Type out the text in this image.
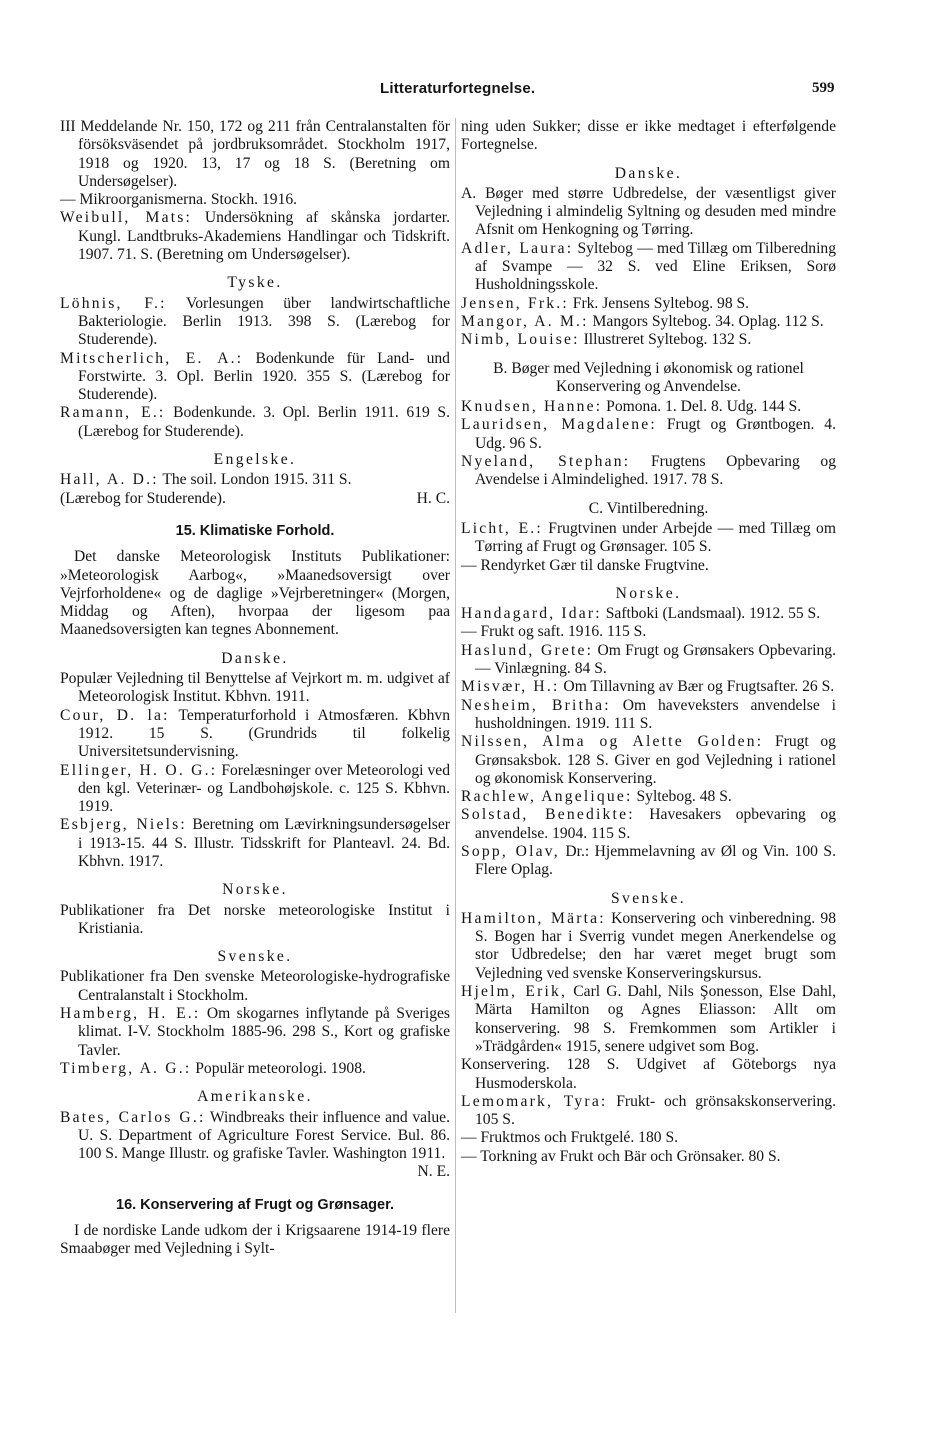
Litteraturfortegnelse.	599

III Meddelande Nr. 150, 172 og 211 från Centralanstalten för försöksväsendet på jordbruksområdet. Stockholm 1917, 1918 og 1920. 13, 17 og 18 S. (Beretning om Undersøgelser).

— Mikroorganismerna. Stockh. 1916.

Weibull, Mats: Undersökning af skånska jordarter. Kungl. Landtbruks-Akademiens Handlingar och Tidskrift. 1907. 71. S. (Beretning om Undersøgelser).

Tyske.

Löhnis, F.: Vorlesungen über landwirtschaftliche Bakteriologie. Berlin 1913. 398 S. (Lærebog for Studerende).

Mitscherlich, E. A.: Bodenkunde für Land- und Forstwirte. 3. Opl. Berlin 1920. 355 S. (Lærebog for Studerende).

Ramann, E.: Bodenkunde. 3. Opl. Berlin 1911. 619 S. (Lærebog for Studerende).

Engelske.

Hall, A. D.: The soil. London 1915. 311 S.

(Lærebog for Studerende).	H. C.
15. Klimatiske Forhold.

Det danske Meteorologisk Instituts Publikationer: »Meteorologisk Aarbog«, »Maanedsoversigt over Vejrforholdene« og de daglige »Vejrberetninger« (Morgen, Middag og Aften), hvorpaa der ligesom paa Maanedsoversigten kan tegnes Abonnement.

Danske.

Populær Vejledning til Benyttelse af Vejrkort m. m. udgivet af Meteorologisk Institut. Kbhvn. 1911.

Cour, D. la: Temperaturforhold i Atmosfæren. Kbhvn 1912. 15 S. (Grundrids til folkelig Universitetsundervisning.

Ellinger, H. O. G.: Forelæsninger over Meteorologi ved den kgl. Veterinær- og Landbohøjskole. c. 125 S. Kbhvn. 1919.

Esbjerg, Niels: Beretning om Lævirkningsundersøgelser i 1913-15. 44 S. Illustr. Tidsskrift for Planteavl. 24. Bd. Kbhvn. 1917.

Norske.

Publikationer fra Det norske meteorologiske Institut i Kristiania.

Svenske.

Publikationer fra Den svenske Meteorologiske-hydrografiske Centralanstalt i Stockholm.

Hamberg, H. E.: Om skogarnes inflytande på Sveriges klimat. I-V. Stockholm 1885-96. 298 S., Kort og grafiske Tavler.

Timberg, A. G.: Populär meteorologi. 1908.

Amerikanske.

Bates, Carlos G.: Windbreaks their influence and value. U. S. Department of Agriculture Forest Service. Bul. 86. 100 S. Mange Illustr. og grafiske Tavler. Washington 1911.

N. E.
16. Konservering af Frugt og Grønsager.

I de nordiske Lande udkom der i Krigsaarene 1914-19 flere Smaabøger med Vejledning i Sylt-

ning uden Sukker; disse er ikke medtaget i efterfølgende Fortegnelse.

Danske.

A. Bøger med større Udbredelse, der væsentligst giver Vejledning i almindelig Syltning og desuden med mindre Afsnit om Henkogning og Tørring.

Adler, Laura: Syltebog — med Tillæg om Tilberedning af Svampe — 32 S. ved Eline Eriksen, Sorø Husholdningsskole.

Jensen, Frk.: Frk. Jensens Syltebog. 98 S.

Mangor, A. M.: Mangors Syltebog. 34. Oplag. 112 S.

Nimb, Louise: Illustreret Syltebog. 132 S.

B. Bøger med Vejledning i økonomisk og rationel Konservering og Anvendelse.

Knudsen, Hanne: Pomona. 1. Del. 8. Udg. 144 S.

Lauridsen, Magdalene: Frugt og Grøntbogen. 4. Udg. 96 S.

Nyeland, Stephan: Frugtens Opbevaring og Avendelse i Almindelighed. 1917. 78 S.

C. Vintilberedning.

Licht, E.: Frugtvinen under Arbejde — med Tillæg om Tørring af Frugt og Grønsager. 105 S.

— Rendyrket Gær til danske Frugtvine.

Norske.

Handagard, Idar: Saftboki (Landsmaal). 1912. 55 S.

— Frukt og saft. 1916. 115 S.

Haslund, Grete: Om Frugt og Grønsakers Opbevaring. — Vinlægning. 84 S.

Misvær, H.: Om Tillavning av Bær og Frugtsafter. 26 S.

Nesheim, Britha: Om haveveksters anvendelse i husholdningen. 1919. 111 S.

Nilssen, Alma og Alette Golden: Frugt og Grønsaksbok. 128 S. Giver en god Vejledning i rationel og økonomisk Konservering.

Rachlew, Angelique: Syltebog. 48 S.

Solstad, Benedikte: Havesakers opbevaring og anvendelse. 1904. 115 S.

Sopp, Olav, Dr.: Hjemmelavning av Øl og Vin. 100 S. Flere Oplag.

Svenske.

Hamilton, Märta: Konservering och vinberedning. 98 S. Bogen har i Sverrig vundet megen Anerkendelse og stor Udbredelse; den har været meget brugt som Vejledning ved svenske Konserveringskursus.

Hjelm, Erik, Carl G. Dahl, Nils Şonesson, Else Dahl, Märta Hamilton og Agnes Eliasson: Allt om konservering. 98 S. Fremkommen som Artikler i »Trädgården« 1915, senere udgivet som Bog.

Konservering. 128 S. Udgivet af Göteborgs nya Husmoderskola.

Lemomark, Tyra: Frukt- och grönsakskonservering. 105 S.

— Fruktmos och Fruktgelé. 180 S.

— Torkning av Frukt och Bär och Grönsaker. 80 S.
